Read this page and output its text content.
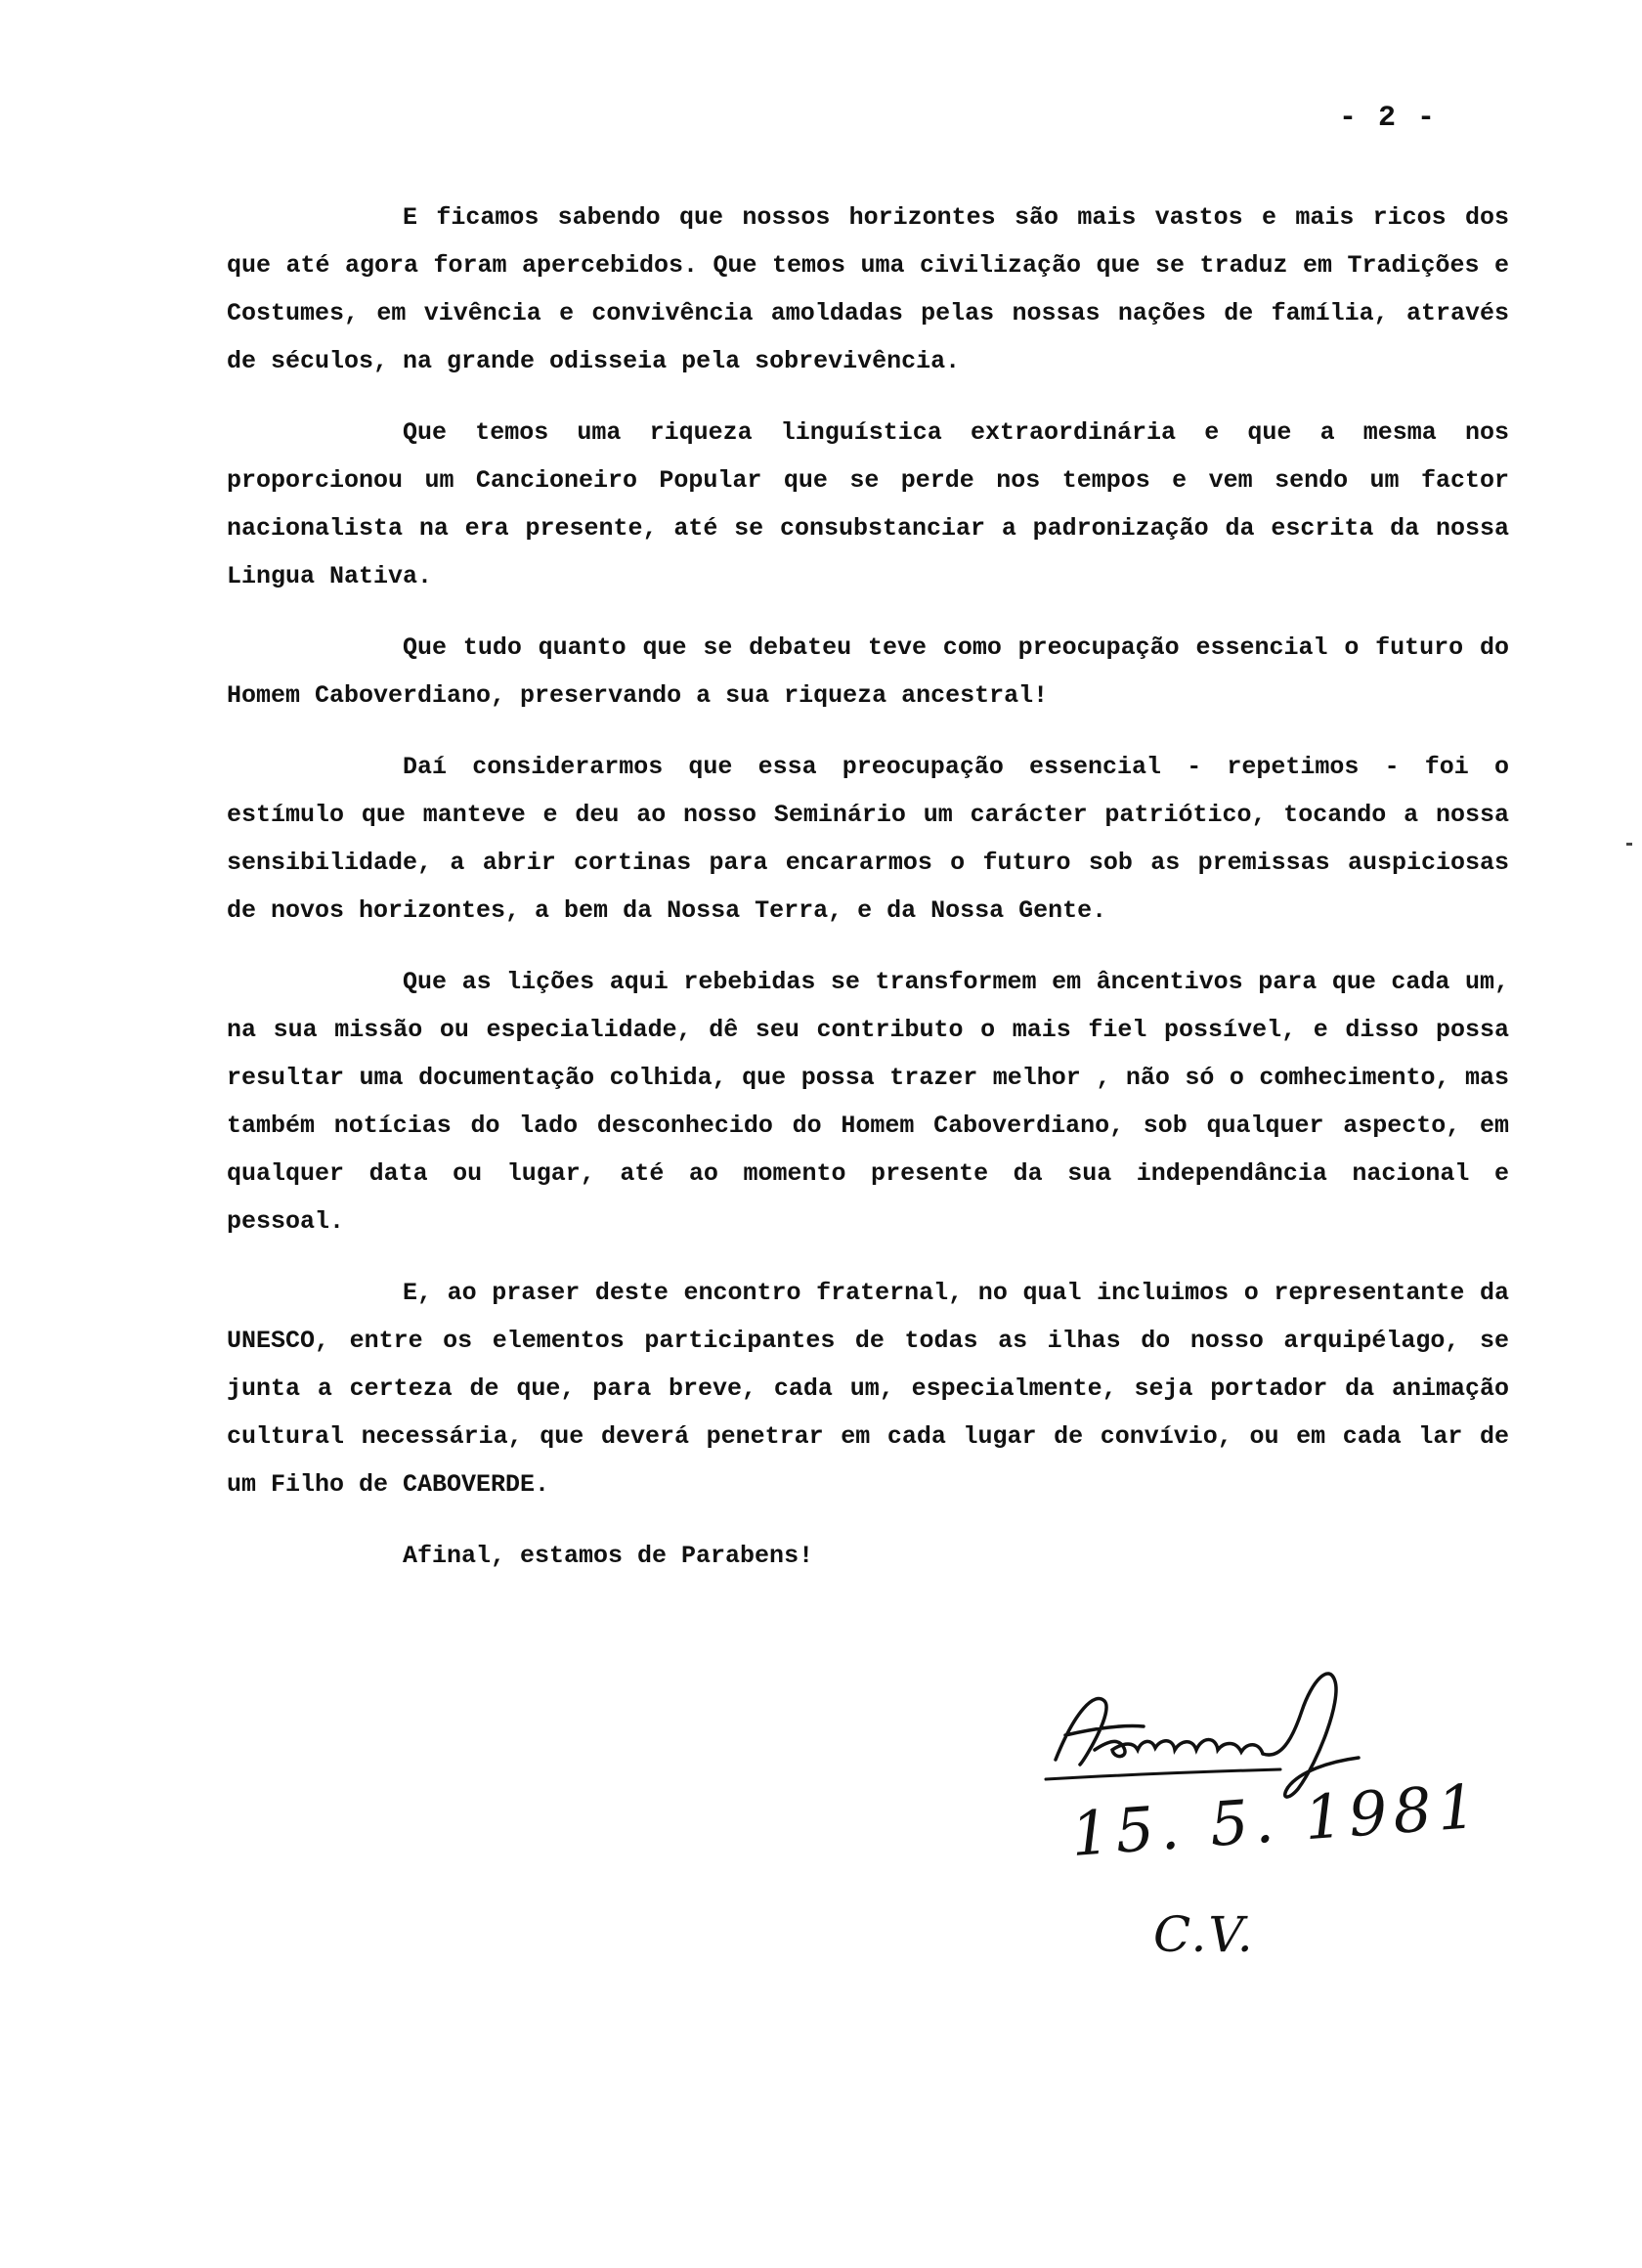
- 2 -

E ficamos sabendo que nossos horizontes são mais vastos e mais ricos dos que até agora foram apercebidos. Que temos uma civilização que se traduz em Tradições e Costumes, em vivência e convivência amoldadas pelas nossas nações de família, através de séculos, na grande odisseia pela sobrevivência.

Que temos uma riqueza linguística extraordinária e que a mesma nos proporcionou um Cancioneiro Popular que se perde nos tempos e vem sendo um factor nacionalista na era presente, até se consubstanciar a padronização da escrita da nossa Lingua Nativa.

Que tudo quanto que se debateu teve como preocupação essencial o futuro do Homem Caboverdiano, preservando a sua riqueza ancestral!

Daí considerarmos que essa preocupação essencial - repetimos - foi o estímulo que manteve e deu ao nosso Seminário um carácter patriótico, tocando a nossa sensibilidade, a abrir cortinas para encararmos o futuro sob as premissas auspiciosas de novos horizontes, a bem da Nossa Terra, e da Nossa Gente.

Que as lições aqui rebebidas se transformem em âncentivos para que cada um, na sua missão ou especialidade, dê seu contributo o mais fiel possível, e disso possa resultar uma documentação colhida, que possa trazer melhor , não só o comhecimento, mas também notícias do lado desconhecido do Homem Caboverdiano, sob qualquer aspecto, em qualquer data ou lugar, até ao momento presente da sua independância nacional e pessoal.

E, ao praser deste encontro fraternal, no qual incluimos o representante da UNESCO, entre os elementos participantes de todas as ilhas do nosso arquipélago, se junta a certeza de que, para breve, cada um, especialmente, seja portador da animação cultural necessária, que deverá penetrar em cada lugar de convívio, ou em cada lar de um Filho de CABOVERDE.

Afinal, estamos de Parabens!

15. 5. 1981
C.V.
